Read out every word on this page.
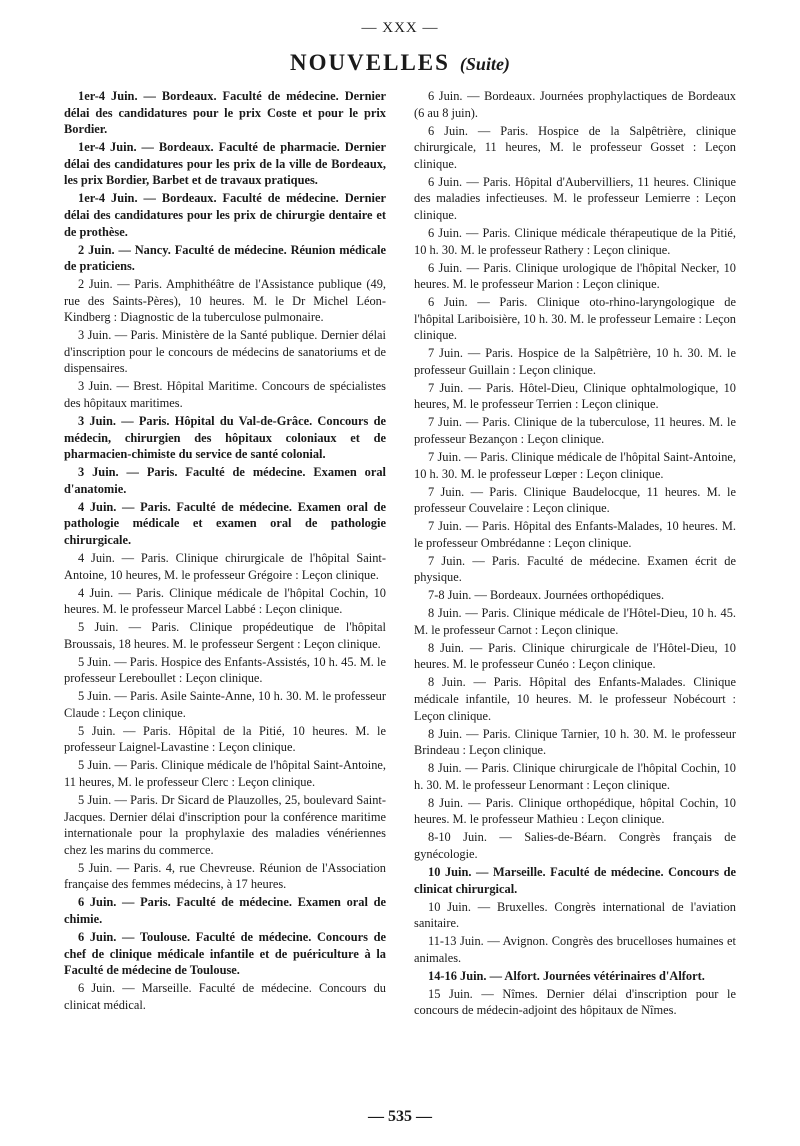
— XXX —
NOUVELLES (Suite)

1er-4 Juin. — Bordeaux. Faculté de médecine. Dernier délai des candidatures pour le prix Coste et pour le prix Bordier.

1er-4 Juin. — Bordeaux. Faculté de pharmacie. Dernier délai des candidatures pour les prix de la ville de Bordeaux, les prix Bordier, Barbet et de travaux pratiques.

1er-4 Juin. — Bordeaux. Faculté de médecine. Dernier délai des candidatures pour les prix de chirurgie dentaire et de prothèse.

2 Juin. — Nancy. Faculté de médecine. Réunion médicale de praticiens.

2 Juin. — Paris. Amphithéâtre de l'Assistance publique (49, rue des Saints-Pères), 10 heures. M. le Dr Michel Léon-Kindberg : Diagnostic de la tuberculose pulmonaire.

3 Juin. — Paris. Ministère de la Santé publique. Dernier délai d'inscription pour le concours de médecins de sanatoriums et de dispensaires.

3 Juin. — Brest. Hôpital Maritime. Concours de spécialistes des hôpitaux maritimes.

3 Juin. — Paris. Hôpital du Val-de-Grâce. Concours de médecin, chirurgien des hôpitaux coloniaux et de pharmacien-chimiste du service de santé colonial.

3 Juin. — Paris. Faculté de médecine. Examen oral d'anatomie.

4 Juin. — Paris. Faculté de médecine. Examen oral de pathologie médicale et examen oral de pathologie chirurgicale.

4 Juin. — Paris. Clinique chirurgicale de l'hôpital Saint-Antoine, 10 heures, M. le professeur Grégoire : Leçon clinique.

4 Juin. — Paris. Clinique médicale de l'hôpital Cochin, 10 heures. M. le professeur Marcel Labbé : Leçon clinique.

5 Juin. — Paris. Clinique propédeutique de l'hôpital Broussais, 18 heures. M. le professeur Sergent : Leçon clinique.

5 Juin. — Paris. Hospice des Enfants-Assistés, 10 h. 45. M. le professeur Lereboullet : Leçon clinique.

5 Juin. — Paris. Asile Sainte-Anne, 10 h. 30. M. le professeur Claude : Leçon clinique.

5 Juin. — Paris. Hôpital de la Pitié, 10 heures. M. le professeur Laignel-Lavastine : Leçon clinique.

5 Juin. — Paris. Clinique médicale de l'hôpital Saint-Antoine, 11 heures, M. le professeur Clerc : Leçon clinique.

5 Juin. — Paris. Dr Sicard de Plauzolles, 25, boulevard Saint-Jacques. Dernier délai d'inscription pour la conférence maritime internationale pour la prophylaxie des maladies vénériennes chez les marins du commerce.

5 Juin. — Paris. 4, rue Chevreuse. Réunion de l'Association française des femmes médecins, à 17 heures.

6 Juin. — Paris. Faculté de médecine. Examen oral de chimie.

6 Juin. — Toulouse. Faculté de médecine. Concours de chef de clinique médicale infantile et de puériculture à la Faculté de médecine de Toulouse.

6 Juin. — Marseille. Faculté de médecine. Concours du clinicat médical.

6 Juin. — Bordeaux. Journées prophylactiques de Bordeaux (6 au 8 juin).

6 Juin. — Paris. Hospice de la Salpêtrière, clinique chirurgicale, 11 heures, M. le professeur Gosset : Leçon clinique.

6 Juin. — Paris. Hôpital d'Aubervilliers, 11 heures. Clinique des maladies infectieuses. M. le professeur Lemierre : Leçon clinique.

6 Juin. — Paris. Clinique médicale thérapeutique de la Pitié, 10 h. 30. M. le professeur Rathery : Leçon clinique.

6 Juin. — Paris. Clinique urologique de l'hôpital Necker, 10 heures. M. le professeur Marion : Leçon clinique.

6 Juin. — Paris. Clinique oto-rhino-laryngologique de l'hôpital Lariboisière, 10 h. 30. M. le professeur Lemaire : Leçon clinique.

7 Juin. — Paris. Hospice de la Salpêtrière, 10 h. 30. M. le professeur Guillain : Leçon clinique.

7 Juin. — Paris. Hôtel-Dieu, Clinique ophtalmologique, 10 heures, M. le professeur Terrien : Leçon clinique.

7 Juin. — Paris. Clinique de la tuberculose, 11 heures. M. le professeur Bezançon : Leçon clinique.

7 Juin. — Paris. Clinique médicale de l'hôpital Saint-Antoine, 10 h. 30. M. le professeur Lœper : Leçon clinique.

7 Juin. — Paris. Clinique Baudelocque, 11 heures. M. le professeur Couvelaire : Leçon clinique.

7 Juin. — Paris. Hôpital des Enfants-Malades, 10 heures. M. le professeur Ombrédanne : Leçon clinique.

7 Juin. — Paris. Faculté de médecine. Examen écrit de physique.

7-8 Juin. — Bordeaux. Journées orthopédiques.

8 Juin. — Paris. Clinique médicale de l'Hôtel-Dieu, 10 h. 45. M. le professeur Carnot : Leçon clinique.

8 Juin. — Paris. Clinique chirurgicale de l'Hôtel-Dieu, 10 heures. M. le professeur Cunéo : Leçon clinique.

8 Juin. — Paris. Hôpital des Enfants-Malades. Clinique médicale infantile, 10 heures. M. le professeur Nobécourt : Leçon clinique.

8 Juin. — Paris. Clinique Tarnier, 10 h. 30. M. le professeur Brindeau : Leçon clinique.

8 Juin. — Paris. Clinique chirurgicale de l'hôpital Cochin, 10 h. 30. M. le professeur Lenormant : Leçon clinique.

8 Juin. — Paris. Clinique orthopédique, hôpital Cochin, 10 heures. M. le professeur Mathieu : Leçon clinique.

8-10 Juin. — Salies-de-Béarn. Congrès français de gynécologie.

10 Juin. — Marseille. Faculté de médecine. Concours de clinicat chirurgical.

10 Juin. — Bruxelles. Congrès international de l'aviation sanitaire.

11-13 Juin. — Avignon. Congrès des brucelloses humaines et animales.

14-16 Juin. — Alfort. Journées vétérinaires d'Alfort.

15 Juin. — Nîmes. Dernier délai d'inscription pour le concours de médecin-adjoint des hôpitaux de Nîmes.

— 535 —
